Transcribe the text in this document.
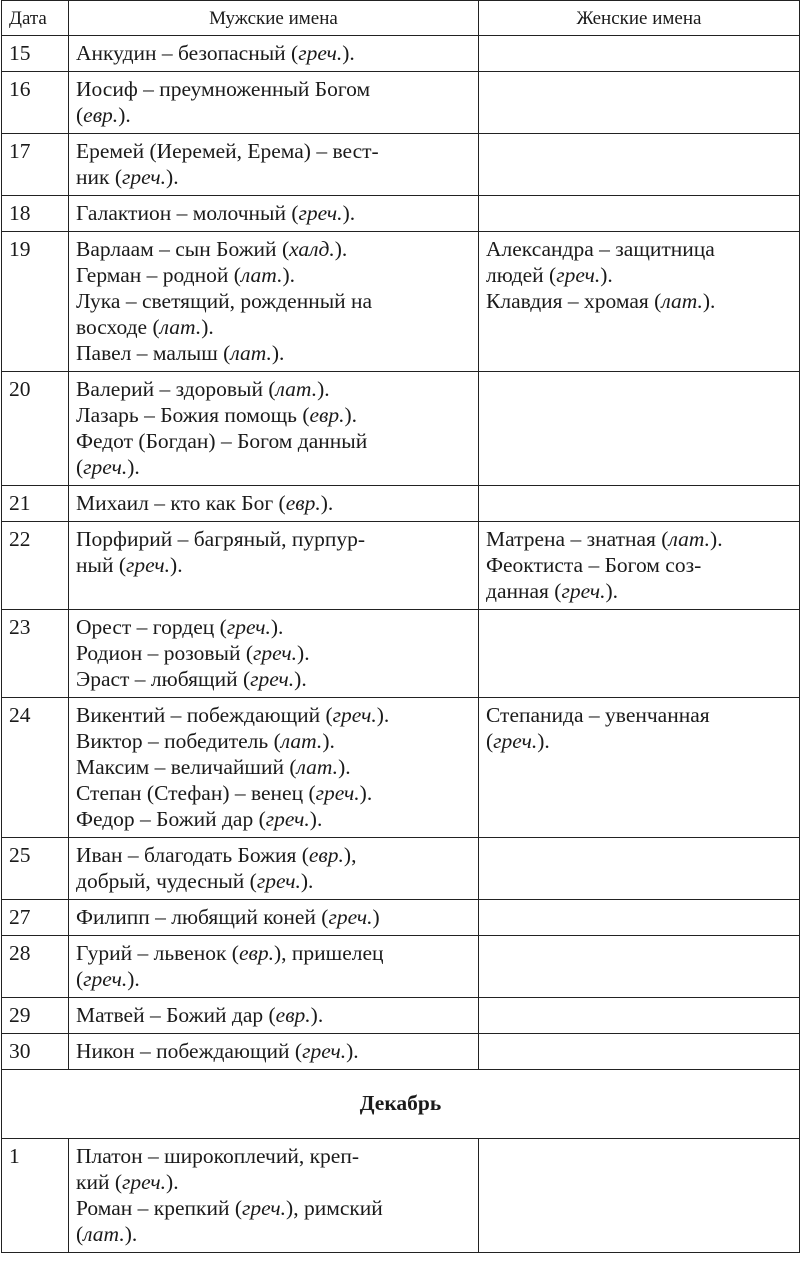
Дата	Мужские имена	Женские имена
15	Анкудин – безопасный (греч.).	

16	Иосиф – преумноженный Богом
(евр.).	

17	Еремей (Иеремей, Ерема) – вест-
ник (греч.).	

18	Галактион – молочный (греч.).	

19	Варлаам – сын Божий (халд.).
Герман – родной (лат.).
Лука – светящий, рожденный на
восходе (лат.).
Павел – малыш (лат.).	Александра – защитница
людей (греч.).
Клавдия – хромая (лат.).

20	Валерий – здоровый (лат.).
Лазарь – Божия помощь (евр.).
Федот (Богдан) – Богом данный
(греч.).	

21	Михаил – кто как Бог (евр.).	

22	Порфирий – багряный, пурпур-
ный (греч.).	Матрена – знатная (лат.).
Феоктиста – Богом соз-
данная (греч.).

23	Орест – гордец (греч.).
Родион – розовый (греч.).
Эраст – любящий (греч.).	

24	Викентий – побеждающий (греч.).
Виктор – победитель (лат.).
Максим – величайший (лат.).
Степан (Стефан) – венец (греч.).
Федор – Божий дар (греч.).	Степанида – увенчанная
(греч.).

25	Иван – благодать Божия (евр.),
добрый, чудесный (греч.).	

27	Филипп – любящий коней (греч.)	

28	Гурий – львенок (евр.), пришелец
(греч.).	

29	Матвей – Божий дар (евр.).	

30	Никон – побеждающий (греч.).	

Декабрь		
1	Платон – широкоплечий, креп-
кий (греч.).
Роман – крепкий (греч.), римский
(лат.).	
